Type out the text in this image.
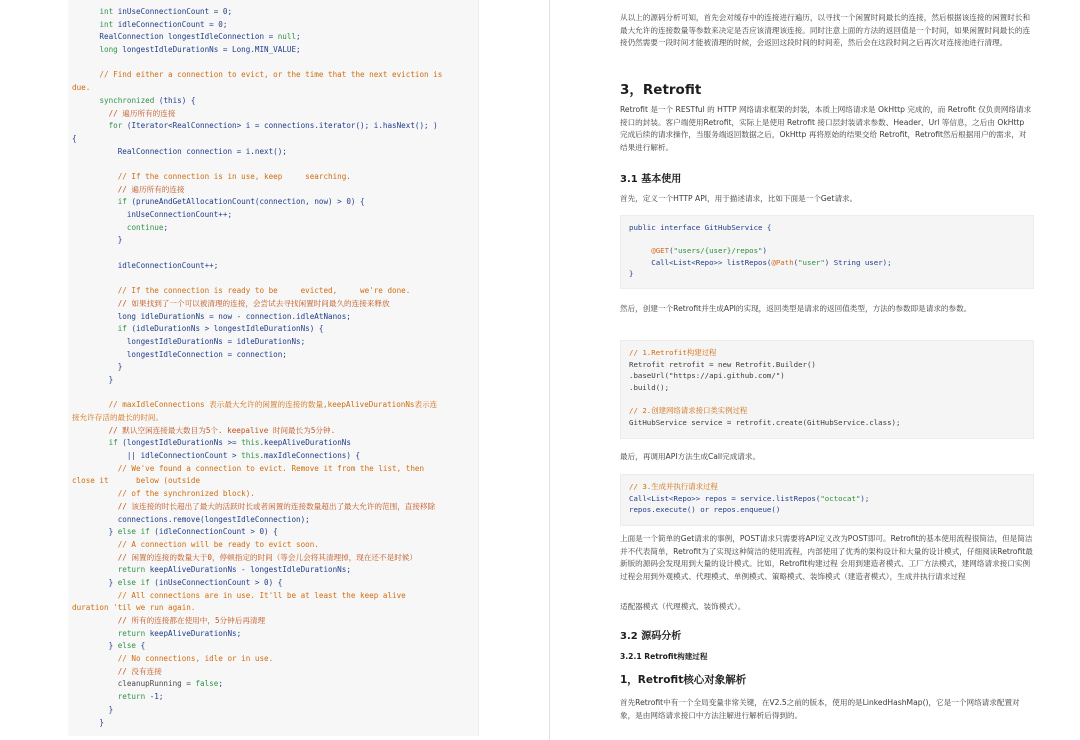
int inUseConnectionCount = 0;
int idleConnectionCount = 0;
RealConnection longestIdleConnection = null;
long longestIdleDurationNs = Long.MIN_VALUE;
// Find either a connection to evict, or the time that the next eviction is
due.
synchronized (this) {
// 遍历所有的连接
for (Iterator<RealConnection> i = connections.iterator(); i.hasNext(); )
{
RealConnection connection = i.next();
// If the connection is in use, keep     searching.
// 遍历所有的连接
if (pruneAndGetAllocationCount(connection, now) > 0) {
inUseConnectionCount++;
continue;
}
idleConnectionCount++;
// If the connection is ready to be     evicted,     we're done.
// 如果找到了一个可以被清理的连接，会尝试去寻找闲置时间最久的连接来释放
long idleDurationNs = now - connection.idleAtNanos;
if (idleDurationNs > longestIdleDurationNs) {
longestIdleDurationNs = idleDurationNs;
longestIdleConnection = connection;
}
}
// maxIdleConnections 表示最大允许的闲置的连接的数量,keepAliveDurationNs表示连
接允许存活的最长的时间。
// 默认空闲连接最大数目为5个. keepalive 时间最长为5分钟.
if (longestIdleDurationNs >= this.keepAliveDurationNs
|| idleConnectionCount > this.maxIdleConnections) {
// We've found a connection to evict. Remove it from the list, then
close it      below (outside
// of the synchronized block).
// 该连接的时长超出了最大的活跃时长或者闲置的连接数量超出了最大允许的范围，直接移除
connections.remove(longestIdleConnection);
} else if (idleConnectionCount > 0) {
// A connection will be ready to evict soon.
// 闲置的连接的数量大于0，停顿指定的时间（等会儿会将其清理掉，现在还不是时候）
return keepAliveDurationNs - longestIdleDurationNs;
} else if (inUseConnectionCount > 0) {
// All connections are in use. It'll be at least the keep alive
duration 'til we run again.
// 所有的连接都在使用中，5分钟后再清理
return keepAliveDurationNs;
} else {
// No connections, idle or in use.
// 没有连接
cleanupRunning = false;
return -1;
}
}

从以上的源码分析可知，首先会对缓存中的连接进行遍历，以寻找一个闲置时间最长的连接，然后根据该连接的闲置时长和最大允许的连接数量等参数来决定是否应该清理该连接。同时注意上面的方法的返回值是一个时间，如果闲置时间最长的连接仍然需要一段时间才能被清理的时候，会返回这段时间的时间差，然后会在这段时间之后再次对连接池进行清理。

3，Retrofit

Retrofit 是一个 RESTful 的 HTTP 网络请求框架的封装，本质上网络请求是 OkHttp 完成的，而 Retrofit 仅负责网络请求接口的封装。客户端使用Retrofit，实际上是使用 Retrofit 接口层封装请求参数、Header、Url 等信息，之后由 OkHttp 完成后续的请求操作，当服务端返回数据之后，OkHttp 再将原始的结果交给 Retrofit，Retrofit然后根据用户的需求，对结果进行解析。

3.1 基本使用

首先，定义一个HTTP API，用于描述请求，比如下面是一个Get请求。

public interface GitHubService {

@GET("users/{user}/repos")
Call<List<Repo>> listRepos(@Path("user") String user);
}

然后，创建一个Retrofit并生成API的实现，返回类型是请求的返回值类型，方法的参数即是请求的参数。

// 1.Retrofit构建过程
Retrofit retrofit = new Retrofit.Builder()
.baseUrl("https://api.github.com/")
.build();

// 2.创建网络请求接口类实例过程
GitHubService service = retrofit.create(GitHubService.class);

最后，再调用API方法生成Call完成请求。

// 3.生成并执行请求过程
Call<List<Repo>> repos = service.listRepos("octocat");
repos.execute() or repos.enqueue()

上面是一个简单的Get请求的事例，POST请求只需要将API定义改为POST即可。Retrofit的基本使用流程很简洁，但是简洁并不代表简单，Retrofit为了实现这种简洁的使用流程，内部使用了优秀的架构设计和大量的设计模式，仔细阅读Retrofit最新版的源码会发现用到大量的设计模式。比如，Retrofit构建过程 会用到建造者模式、工厂方法模式，建网络请求接口实例过程会用到外观模式、代理模式、单例模式、策略模式、装饰模式（建造者模式），生成并执行请求过程

适配器模式（代理模式、装饰模式）。

3.2 源码分析

3.2.1 Retrofit构建过程

1，Retrofit核心对象解析

首先Retrofit中有一个全局变量非常关键，在V2.5之前的版本，使用的是LinkedHashMap()，它是一个网络请求配置对象，是由网络请求接口中方法注解进行解析后得到的。
